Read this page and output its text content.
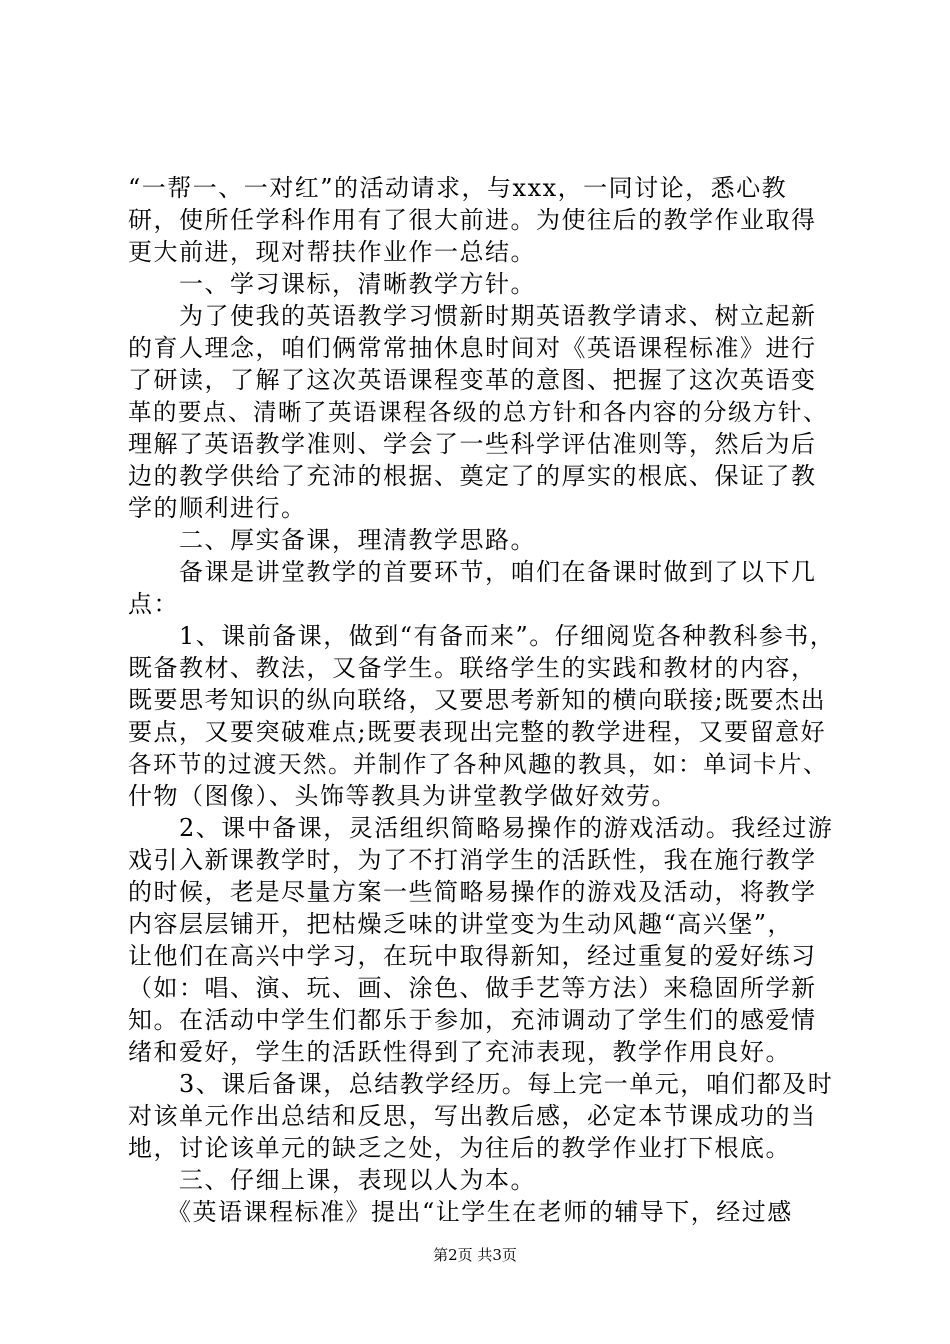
“一帮一、一对红”的活动请求，与xxx，一同讨论，悉心教
研，使所任学科作用有了很大前进。为使往后的教学作业取得
更大前进，现对帮扶作业作一总结。
　　一、学习课标，清晰教学方针。
　　为了使我的英语教学习惯新时期英语教学请求、树立起新
的育人理念，咱们俩常常抽休息时间对《英语课程标准》进行
了研读，了解了这次英语课程变革的意图、把握了这次英语变
革的要点、清晰了英语课程各级的总方针和各内容的分级方针、
理解了英语教学准则、学会了一些科学评估准则等，然后为后
边的教学供给了充沛的根据、奠定了的厚实的根底、保证了教
学的顺利进行。
　　二、厚实备课，理清教学思路。
　　备课是讲堂教学的首要环节，咱们在备课时做到了以下几
点：
　　1、课前备课，做到“有备而来”。仔细阅览各种教科参书，
既备教材、教法，又备学生。联络学生的实践和教材的内容，
既要思考知识的纵向联络，又要思考新知的横向联接;既要杰出
要点，又要突破难点;既要表现出完整的教学进程，又要留意好
各环节的过渡天然。并制作了各种风趣的教具，如：单词卡片、
什物（图像）、头饰等教具为讲堂教学做好效劳。
　　2、课中备课，灵活组织简略易操作的游戏活动。我经过游
戏引入新课教学时，为了不打消学生的活跃性，我在施行教学
的时候，老是尽量方案一些简略易操作的游戏及活动，将教学
内容层层铺开，把枯燥乏味的讲堂变为生动风趣“高兴堡”，
让他们在高兴中学习，在玩中取得新知，经过重复的爱好练习
（如：唱、演、玩、画、涂色、做手艺等方法）来稳固所学新
知。在活动中学生们都乐于参加，充沛调动了学生们的感爱情
绪和爱好，学生的活跃性得到了充沛表现，教学作用良好。
　　3、课后备课，总结教学经历。每上完一单元，咱们都及时
对该单元作出总结和反思，写出教后感，必定本节课成功的当
地，讨论该单元的缺乏之处，为往后的教学作业打下根底。
　　三、仔细上课，表现以人为本。
　　《英语课程标准》提出“让学生在老师的辅导下，经过感
第2页 共3页
